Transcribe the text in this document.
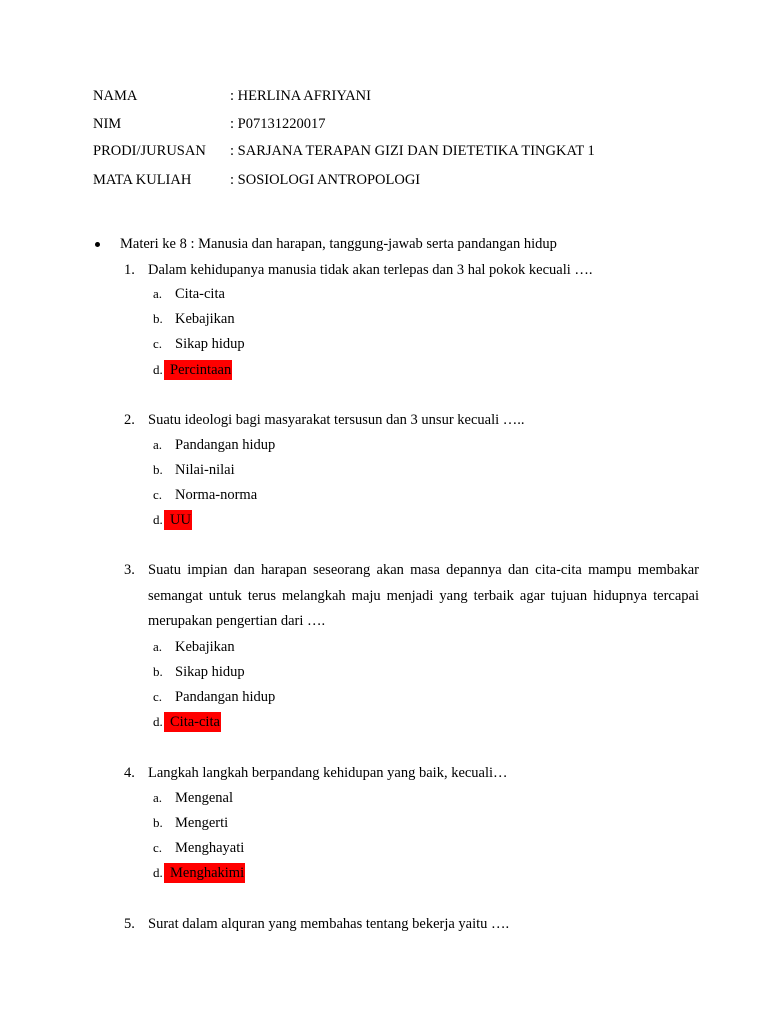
NAMA	: HERLINA AFRIYANI
NIM	: P07131220017
PRODI/JURUSAN : SARJANA TERAPAN GIZI DAN DIETETIKA TINGKAT 1
MATA KULIAH	: SOSIOLOGI ANTROPOLOGI
Materi ke 8 : Manusia dan harapan, tanggung-jawab serta pandangan hidup
1. Dalam kehidupanya manusia tidak akan terlepas dan 3 hal pokok kecuali ….
a. Cita-cita
b. Kebajikan
c. Sikap hidup
d. Percintaan
2. Suatu ideologi bagi masyarakat tersusun dan 3 unsur kecuali …..
a. Pandangan hidup
b. Nilai-nilai
c. Norma-norma
d. UU
3. Suatu impian dan harapan seseorang akan masa depannya dan cita-cita mampu membakar semangat untuk terus melangkah maju menjadi yang terbaik agar tujuan hidupnya tercapai merupakan pengertian dari ….
a. Kebajikan
b. Sikap hidup
c. Pandangan hidup
d. Cita-cita
4. Langkah langkah berpandang kehidupan yang baik, kecuali…
a. Mengenal
b. Mengerti
c. Menghayati
d. Menghakimi
5. Surat dalam alquran yang membahas tentang bekerja yaitu ….
